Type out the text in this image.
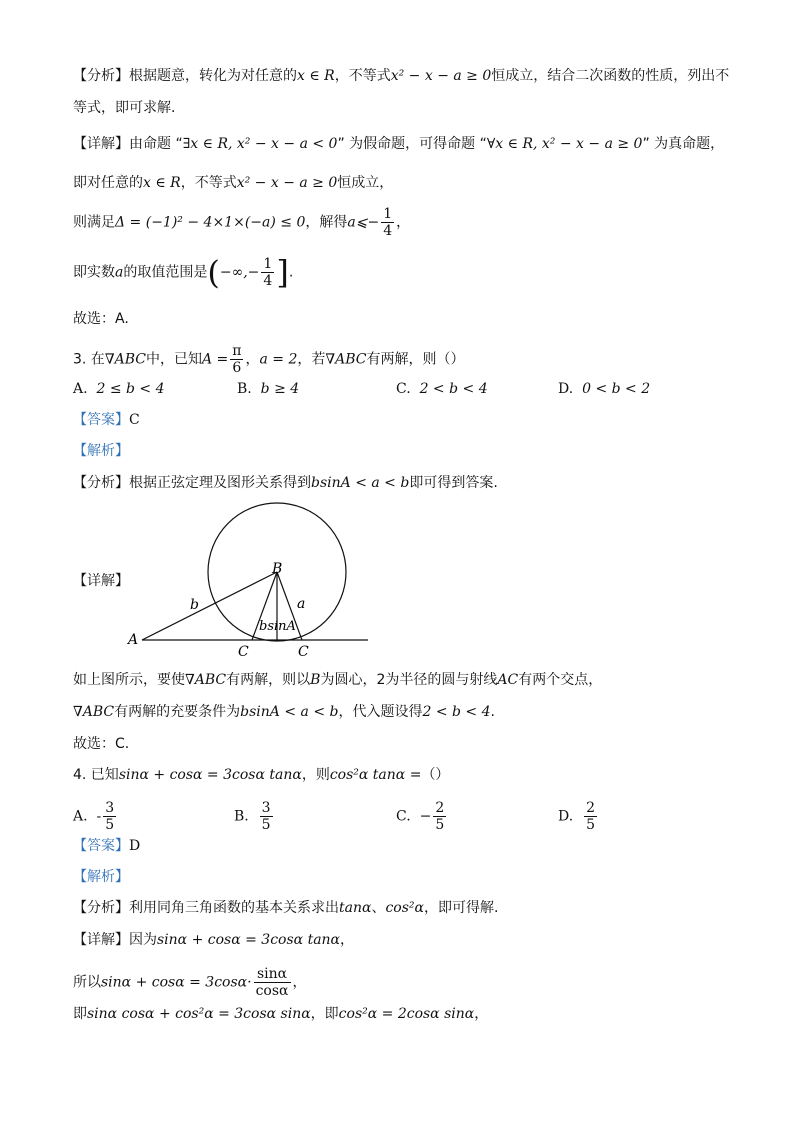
【分析】根据题意，转化为对任意的x ∈ R，不等式x² − x − a ≥ 0恒成立，结合二次函数的性质，列出不
等式，即可求解.
【详解】由命题 “∃x ∈ R, x² − x − a < 0” 为假命题，可得命题 “∀x ∈ R, x² − x − a ≥ 0” 为真命题，
即对任意的x ∈ R，不等式x² − x − a ≥ 0恒成立，
则满足Δ = (−1)² − 4×1×(−a) ≤ 0，解得a⩽− $\frac{1}{4}$ ，
即实数a的取值范围是(−∞,− $\frac{1}{4}$ ].
故选：A.
3. 在∇ABC中，已知$A = \frac{\pi}{6}$ ，a = 2，若∇ABC有两解，则（）
A. 2 ≤ b < 4	B. b ≥ 4	C. 2 < b < 4	D. 0 < b < 2
【答案】C
【解析】
【分析】根据正弦定理及图形关系得到bsinA < a < b即可得到答案.
【详解】
A
B
C	C
b	a
bsinA
如上图所示，要使∇ABC有两解，则以B为圆心，2为半径的圆与射线AC有两个交点，
∇ABC有两解的充要条件为bsinA < a < b，代入题设得2 < b < 4.
故选：C.
4. 已知sinα + cosα = 3cosα tanα，则cos²α tanα =（）
A. - $\frac{3}{5}$	B. $\frac{3}{5}$	C. − $\frac{2}{5}$	D. $\frac{2}{5}$
【答案】D
【解析】
【分析】利用同角三角函数的基本关系求出tanα、cos²α，即可得解.
【详解】因为sinα + cosα = 3cosα tanα，
所以$\sin\alpha + \cos\alpha = 3\cos\alpha\cdot \frac{\sin\alpha}{\cos\alpha}$ ，
即sinα cosα + cos²α = 3cosα sinα，即cos²α = 2cosα sinα，
